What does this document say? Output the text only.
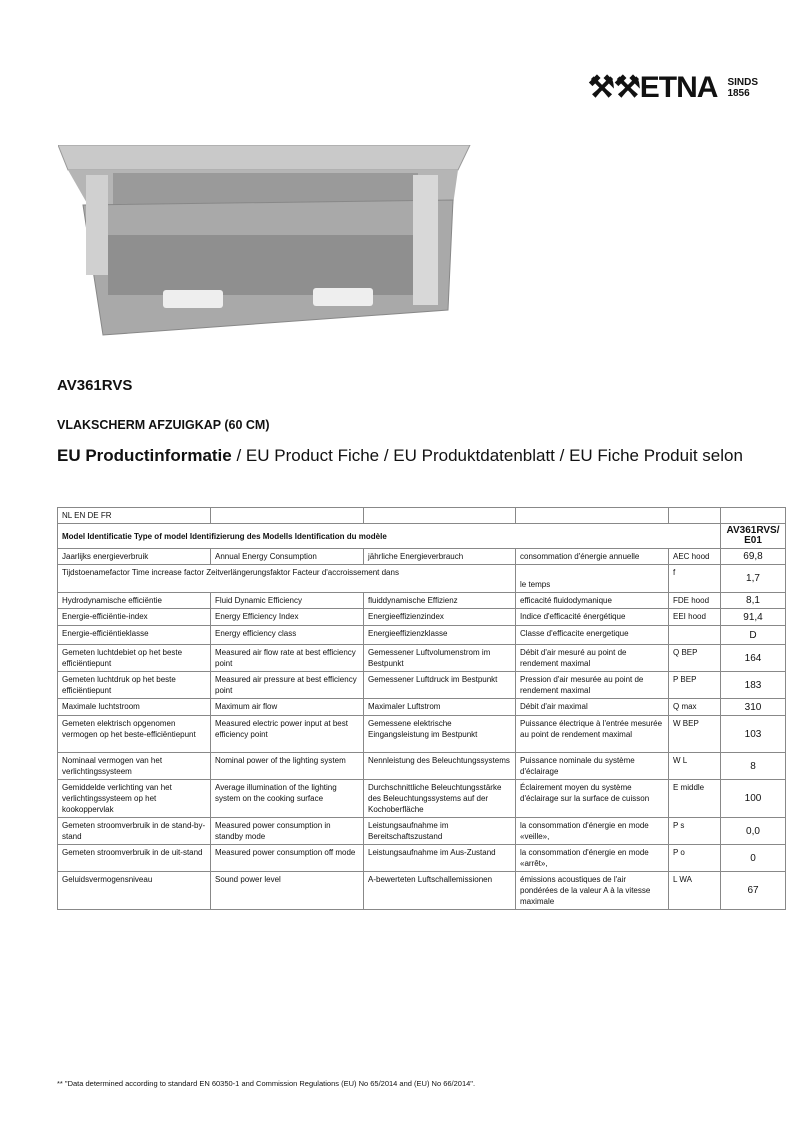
⚒⚒ETNA SINDS
1856
AV361RVS
VLAKSCHERM AFZUIGKAP (60 CM)
EU Productinformatie / EU Product Fiche / EU Produktdatenblatt / EU Fiche Produit selon
NL EN DE FR					
Model Identificatie Type of model Identifizierung des Modells Identification du modèle					AV361RVS/ E01
Jaarlijks energieverbruik	Annual Energy Consumption	jährliche Energieverbrauch	consommation d'énergie annuelle	AEC hood	69,8
Tijdstoenamefactor Time increase factor Zeitverlängerungsfaktor Facteur d'accroissement dans			le temps	f	1,7
Hydrodynamische efficiëntie	Fluid Dynamic Efficiency	fluiddynamische Effizienz	efficacité fluidodymanique	FDE hood	8,1
Energie-efficiëntie-index	Energy Efficiency Index	Energieeffizienzindex	Indice d'efficacité énergétique	EEI hood	91,4
Energie-efficiëntieklasse	Energy efficiency class	Energieeffizienzklasse	Classe d'efficacite energetique		D
Gemeten luchtdebiet op het beste efficiëntiepunt	Measured air flow rate at best efficiency point	Gemessener Luftvolumenstrom im Bestpunkt	Débit d'air mesuré au point de rendement maximal	Q BEP	164
Gemeten luchtdruk op het beste efficiëntiepunt	Measured air pressure at best efficiency point	Gemessener Luftdruck im Bestpunkt	Pression d'air mesurée au point de rendement maximal	P BEP	183
Maximale luchtstroom	Maximum air flow	Maximaler Luftstrom	Débit d'air maximal	Q max	310
Gemeten elektrisch opgenomen vermogen op het beste-efficiëntiepunt	Measured electric power input at best efficiency point	Gemessene elektrische Eingangsleistung im Bestpunkt	Puissance électrique à l'entrée mesurée au point de rendement maximal	W BEP	103
Nominaal vermogen van het verlichtingssysteem	Nominal power of the lighting system	Nennleistung des Beleuchtungssystems	Puissance nominale du système d'éclairage	W L	8
Gemiddelde verlichting van het verlichtingssysteem op het kookoppervlak	Average illumination of the lighting system on the cooking surface	Durchschnittliche Beleuchtungsstärke des Beleuchtungssystems auf der Kochoberfläche	Éclairement moyen du système d'éclairage sur la surface de cuisson	E middle	100
Gemeten stroomverbruik in de stand-by- stand	Measured power consumption in standby mode	Leistungsaufnahme im Bereitschaftszustand	la consommation d'énergie en mode «veille»,	P s	0,0
Gemeten stroomverbruik in de uit-stand	Measured power consumption off mode	Leistungsaufnahme im Aus-Zustand	la consommation d'énergie en mode «arrêt»,	P o	0
Geluidsvermogensniveau	Sound power level	A-bewerteten Luftschallemissionen	émissions acoustiques de l'air pondérées de la valeur A à la vitesse maximale	L WA	67
** "Data determined according to standard EN 60350-1 and Commission Regulations (EU) No 65/2014 and (EU) No 66/2014".
